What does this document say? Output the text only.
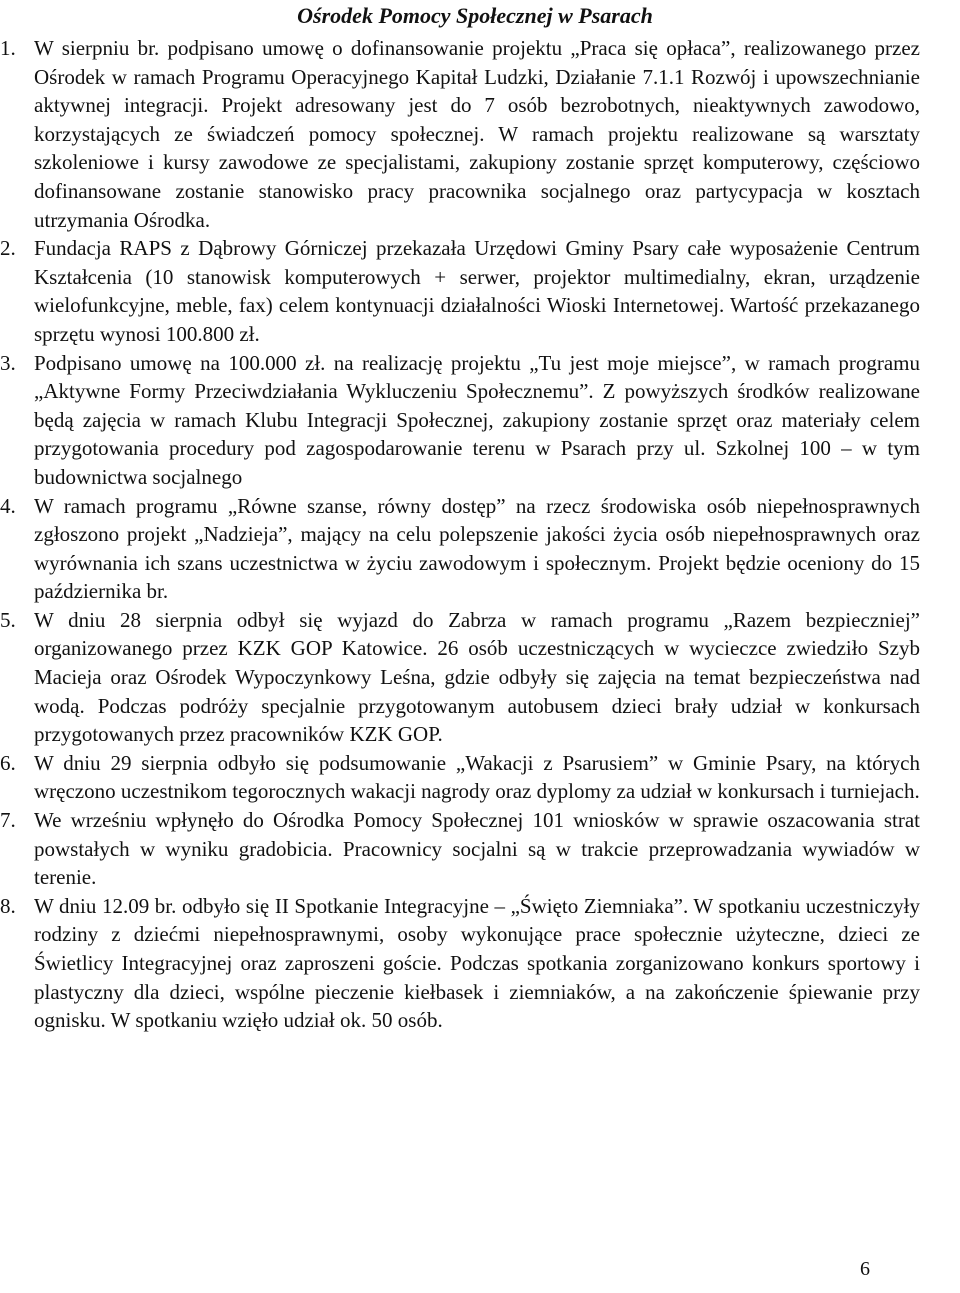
Ośrodek Pomocy Społecznej w Psarach
1. W sierpniu br. podpisano umowę o dofinansowanie projektu „Praca się opłaca”, realizowanego przez Ośrodek w ramach Programu Operacyjnego Kapitał Ludzki, Działanie 7.1.1 Rozwój i upowszechnianie aktywnej integracji. Projekt adresowany jest do 7 osób bezrobotnych, nieaktywnych zawodowo, korzystających ze świadczeń pomocy społecznej. W ramach projektu realizowane są warsztaty szkoleniowe i kursy zawodowe ze specjalistami, zakupiony zostanie sprzęt komputerowy, częściowo dofinansowane zostanie stanowisko pracy pracownika socjalnego oraz partycypacja w kosztach utrzymania Ośrodka.
2. Fundacja RAPS z Dąbrowy Górniczej przekazała Urzędowi Gminy Psary całe wyposażenie Centrum Kształcenia (10 stanowisk komputerowych + serwer, projektor multimedialny, ekran, urządzenie wielofunkcyjne, meble, fax) celem kontynuacji działalności Wioski Internetowej. Wartość przekazanego sprzętu wynosi 100.800 zł.
3. Podpisano umowę na 100.000 zł. na realizację projektu „Tu jest moje miejsce”, w ramach programu „Aktywne Formy Przeciwdziałania Wykluczeniu Społecznemu”. Z powyższych środków realizowane będą zajęcia w ramach Klubu Integracji Społecznej, zakupiony zostanie sprzęt oraz materiały celem przygotowania procedury pod zagospodarowanie terenu w Psarach przy ul. Szkolnej 100 – w tym budownictwa socjalnego
4. W ramach programu „Równe szanse, równy dostęp” na rzecz środowiska osób niepełnosprawnych zgłoszono projekt „Nadzieja”, mający na celu polepszenie jakości życia osób niepełnosprawnych oraz wyrównania ich szans uczestnictwa w życiu zawodowym i społecznym. Projekt będzie oceniony do 15 października br.
5. W dniu 28 sierpnia odbył się wyjazd do Zabrza w ramach programu „Razem bezpieczniej” organizowanego przez KZK GOP Katowice. 26 osób uczestniczących w wycieczce zwiedziło Szyb Macieja oraz Ośrodek Wypoczynkowy Leśna, gdzie odbyły się zajęcia na temat bezpieczeństwa nad wodą. Podczas podróży specjalnie przygotowanym autobusem dzieci brały udział w konkursach przygotowanych przez pracowników KZK GOP.
6. W dniu 29 sierpnia odbyło się podsumowanie „Wakacji z Psarusiem” w Gminie Psary, na których wręczono uczestnikom tegorocznych wakacji nagrody oraz dyplomy za udział w konkursach i turniejach.
7. We wrześniu wpłynęło do Ośrodka Pomocy Społecznej 101 wniosków w sprawie oszacowania strat powstałych w wyniku gradobicia. Pracownicy socjalni są w trakcie przeprowadzania wywiadów w terenie.
8. W dniu 12.09 br. odbyło się II Spotkanie Integracyjne – „Święto Ziemniaka”. W spotkaniu uczestniczyły rodziny z dziećmi niepełnosprawnymi, osoby wykonujące prace społecznie użyteczne, dzieci ze Świetlicy Integracyjnej oraz zaproszeni goście. Podczas spotkania zorganizowano konkurs sportowy i plastyczny dla dzieci, wspólne pieczenie kiełbasek i ziemniaków, a na zakończenie śpiewanie przy ognisku. W spotkaniu wzięło udział ok. 50 osób.
6
